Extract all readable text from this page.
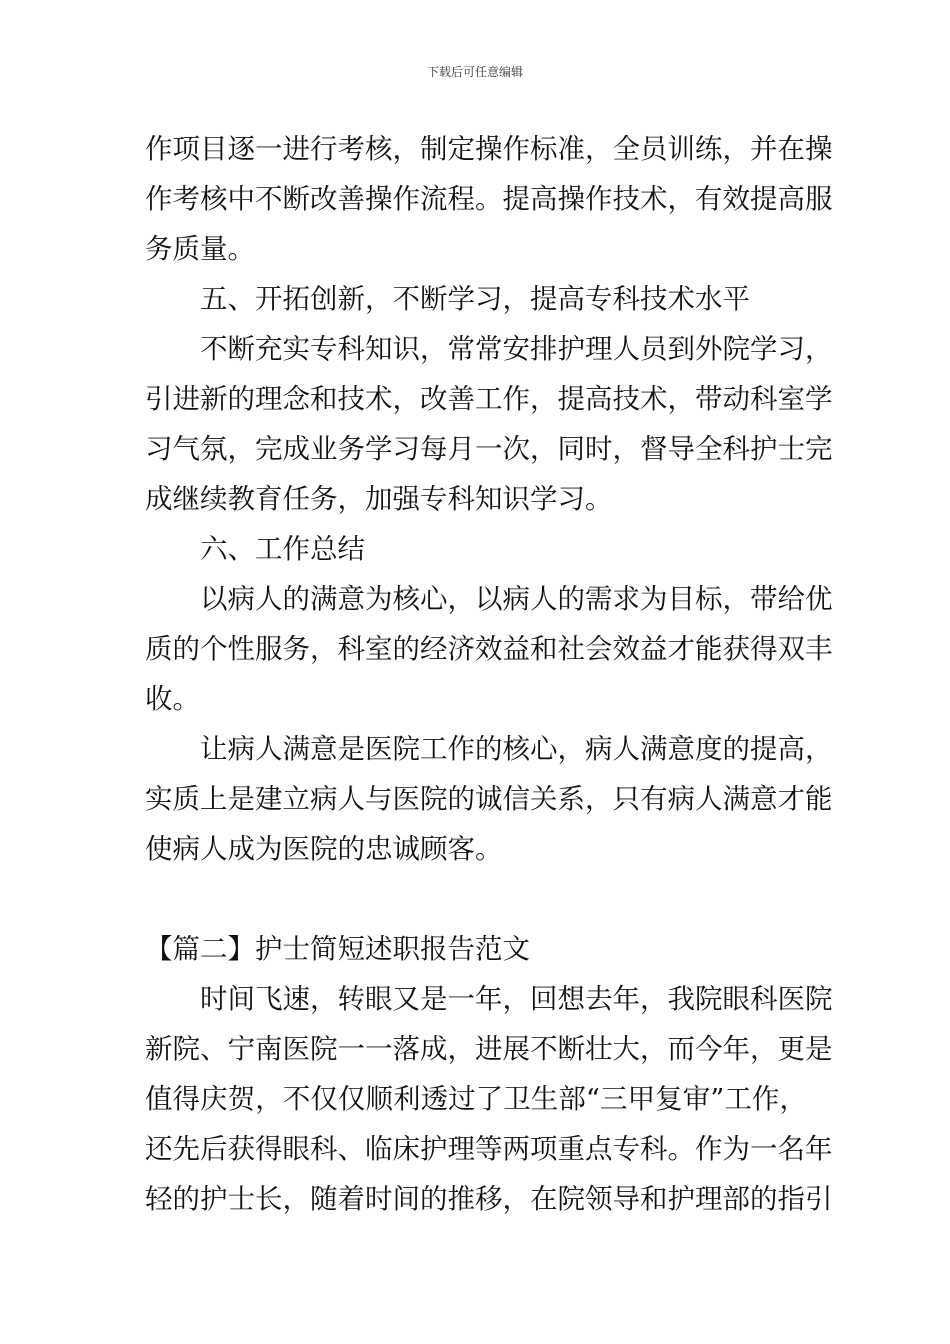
下载后可任意编辑
作项目逐一进行考核，制定操作标准，全员训练，并在操
作考核中不断改善操作流程。提高操作技术，有效提高服
务质量。
五、开拓创新，不断学习，提高专科技术水平
不断充实专科知识，常常安排护理人员到外院学习，
引进新的理念和技术，改善工作，提高技术，带动科室学
习气氛，完成业务学习每月一次，同时，督导全科护士完
成继续教育任务，加强专科知识学习。
六、工作总结
以病人的满意为核心，以病人的需求为目标，带给优
质的个性服务，科室的经济效益和社会效益才能获得双丰
收。
让病人满意是医院工作的核心，病人满意度的提高，
实质上是建立病人与医院的诚信关系，只有病人满意才能
使病人成为医院的忠诚顾客。
【篇二】护士简短述职报告范文
时间飞速，转眼又是一年，回想去年，我院眼科医院
新院、宁南医院一一落成，进展不断壮大，而今年，更是
值得庆贺，不仅仅顺利透过了卫生部“三甲复审”工作，
还先后获得眼科、临床护理等两项重点专科。作为一名年
轻的护士长，随着时间的推移，在院领导和护理部的指引
